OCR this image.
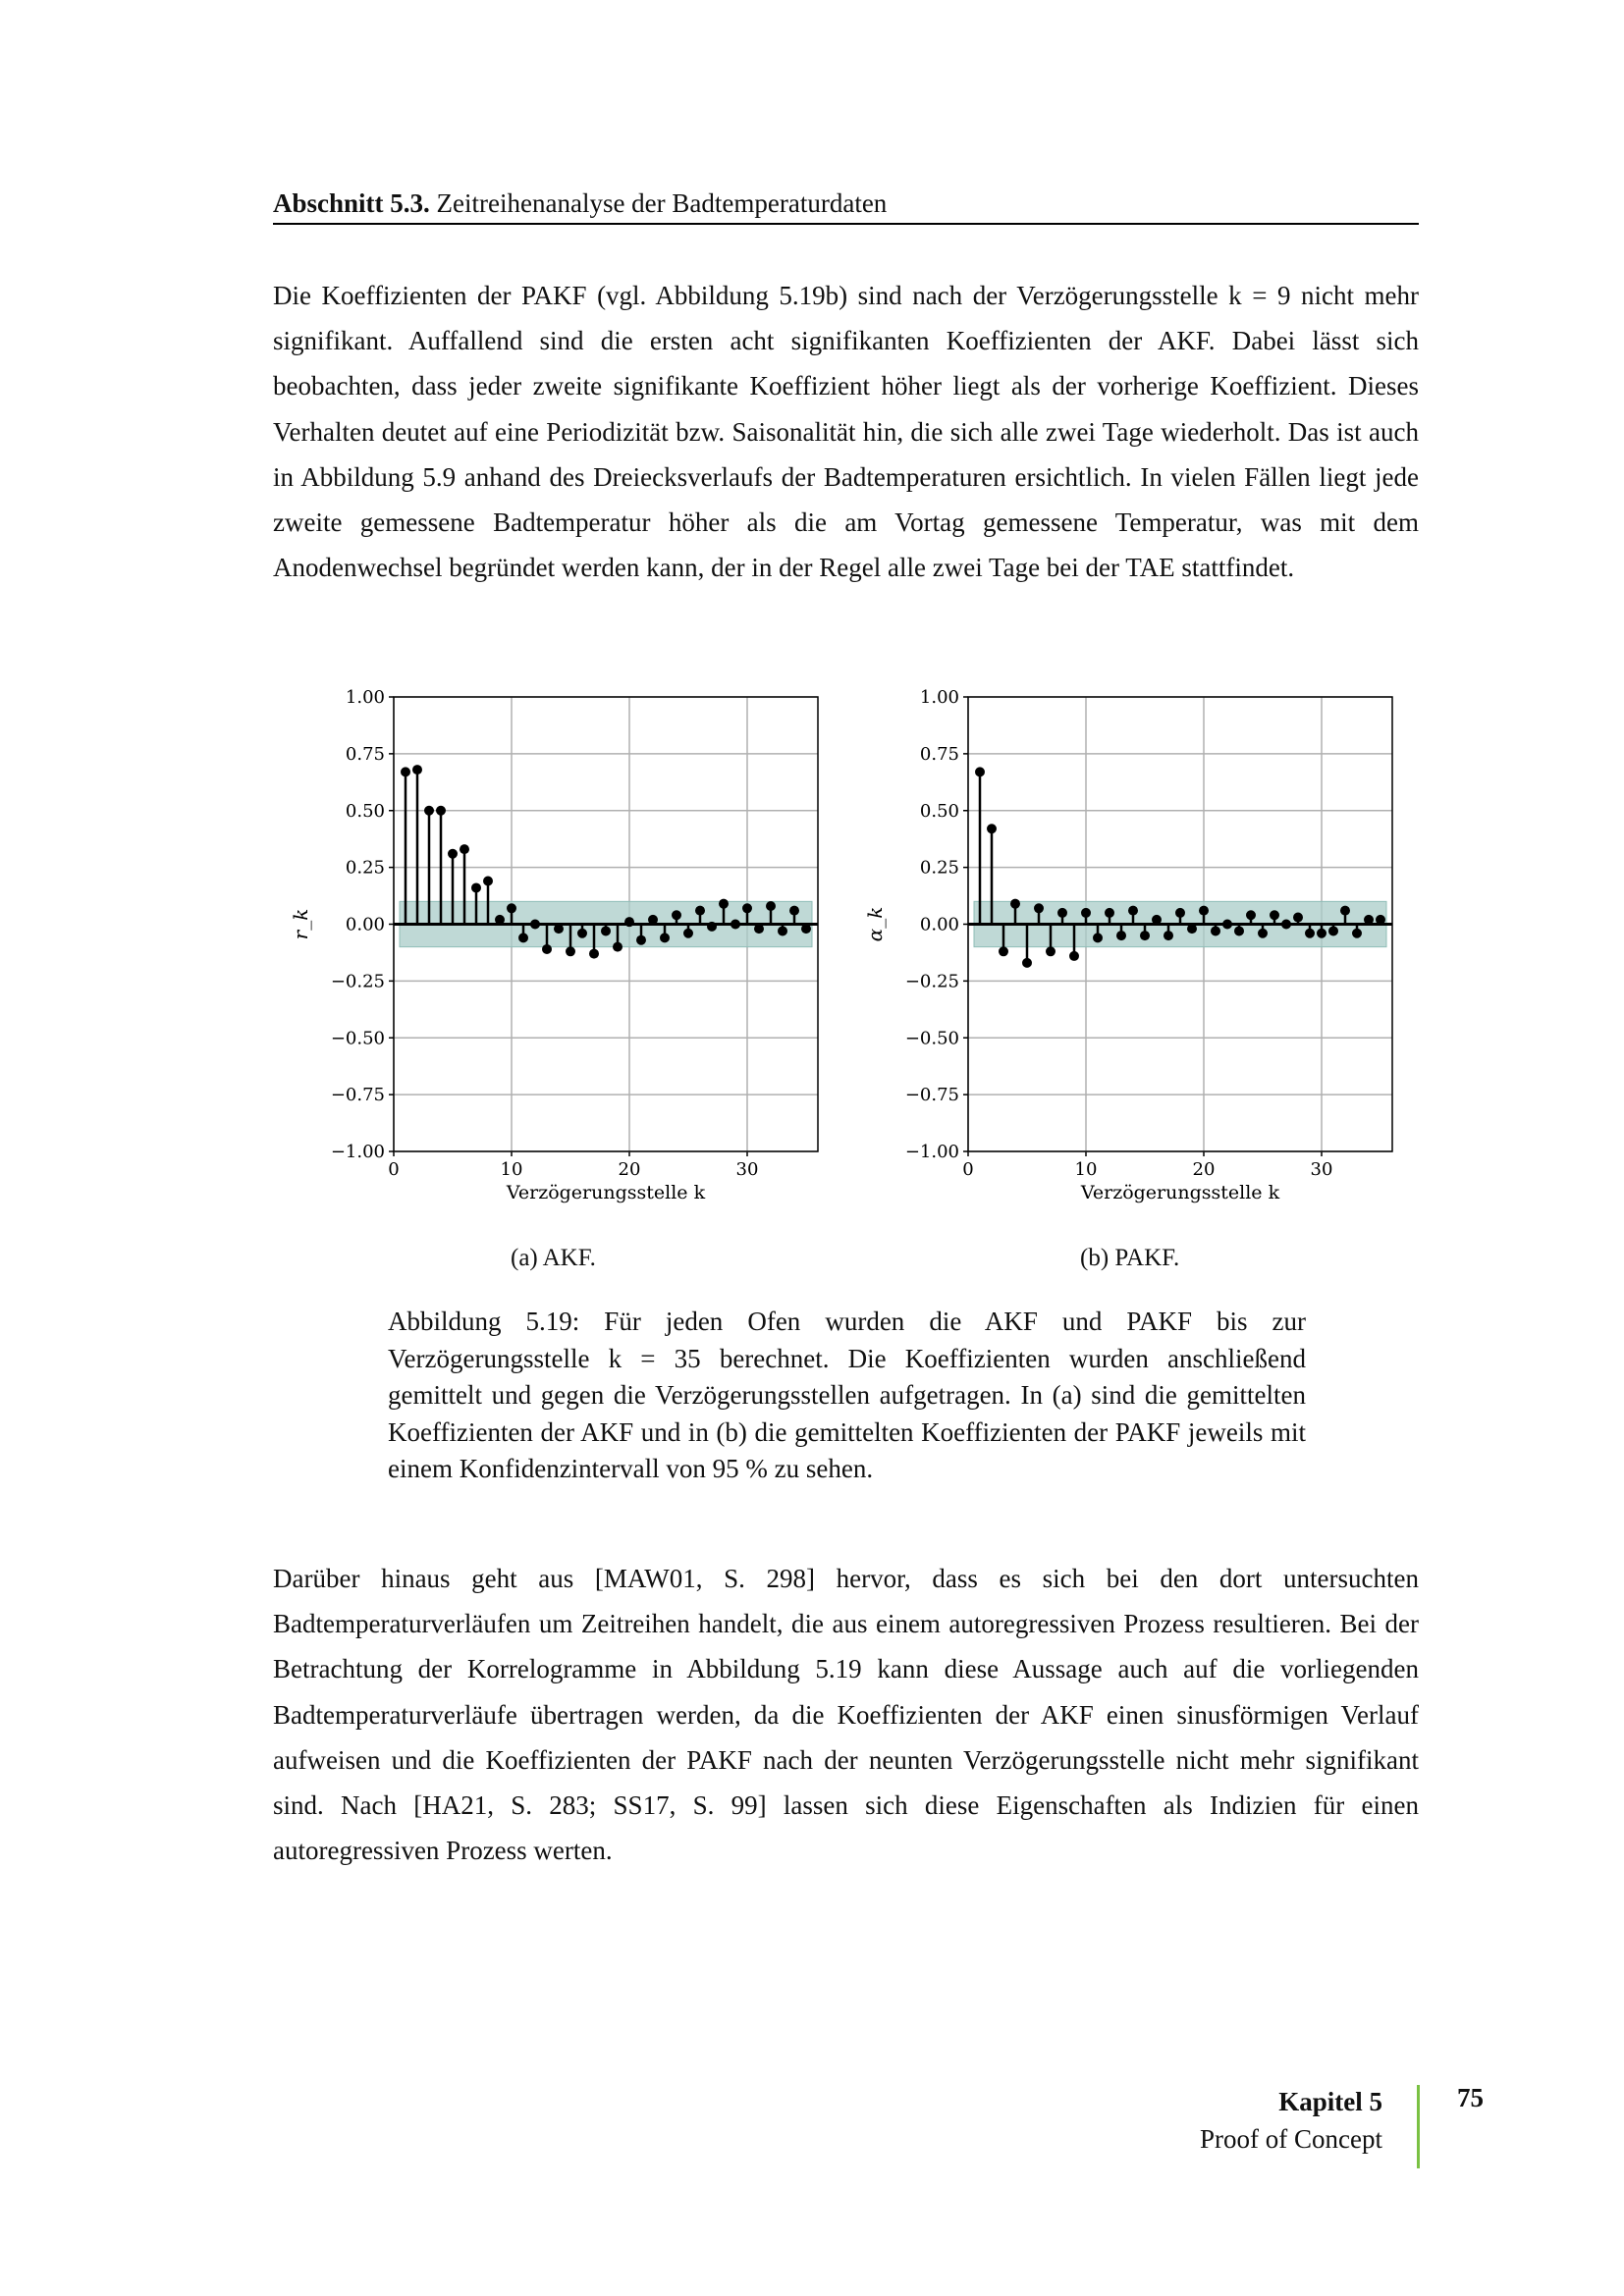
Abschnitt 5.3. Zeitreihenanalyse der Badtemperaturdaten
Die Koeffizienten der PAKF (vgl. Abbildung 5.19b) sind nach der Verzögerungsstelle k = 9 nicht mehr signifikant. Auffallend sind die ersten acht signifikanten Koeffizienten der AKF. Dabei lässt sich beobachten, dass jeder zweite signifikante Koeffizient höher liegt als der vorherige Koeffizient. Dieses Verhalten deutet auf eine Periodizität bzw. Saisonalität hin, die sich alle zwei Tage wiederholt. Das ist auch in Abbildung 5.9 anhand des Dreiecksverlaufs der Badtemperaturen ersichtlich. In vielen Fällen liegt jede zweite gemessene Badtemperatur höher als die am Vortag gemessene Temperatur, was mit dem Anodenwechsel begründet werden kann, der in der Regel alle zwei Tage bei der TAE stattfindet.
0	10	20	30
1.00
0.75
0.50
0.25
0.00
−0.25
−0.50
−0.75
−1.00
Verzögerungsstelle k
r_k
0	10	20	30
1.00
0.75
0.50
0.25
0.00
−0.25
−0.50
−0.75
−1.00
Verzögerungsstelle k
α_k
(a) AKF.	(b) PAKF.
Abbildung 5.19: Für jeden Ofen wurden die AKF und PAKF bis zur Verzögerungsstelle k = 35 berechnet. Die Koeffizienten wurden anschließend gemittelt und gegen die Verzögerungsstellen aufgetragen. In (a) sind die gemittelten Koeffizienten der AKF und in (b) die gemittelten Koeffizienten der PAKF jeweils mit einem Konfidenzintervall von 95 % zu sehen.
Darüber hinaus geht aus [MAW01, S. 298] hervor, dass es sich bei den dort untersuchten Badtemperaturverläufen um Zeitreihen handelt, die aus einem autoregressiven Prozess resultieren. Bei der Betrachtung der Korrelogramme in Abbildung 5.19 kann diese Aussage auch auf die vorliegenden Badtemperaturverläufe übertragen werden, da die Koeffizienten der AKF einen sinusförmigen Verlauf aufweisen und die Koeffizienten der PAKF nach der neunten Verzögerungsstelle nicht mehr signifikant sind. Nach [HA21, S. 283; SS17, S. 99] lassen sich diese Eigenschaften als Indizien für einen autoregressiven Prozess werten.
Kapitel 5
Proof of Concept
75
